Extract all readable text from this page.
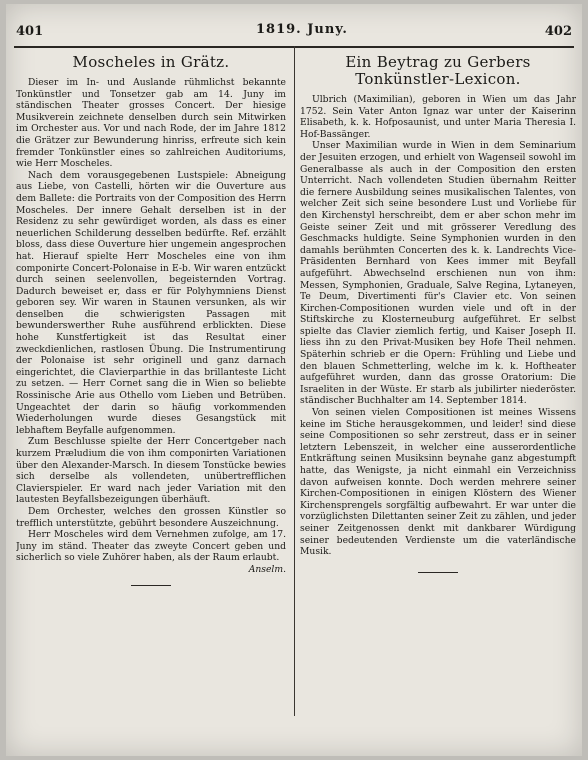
401	1819. Juny.	402
Moscheles in Grätz.

Dieser im In- und Auslande rühmlichst bekannte Tonkünstler und Tonsetzer gab am 14. Juny im ständischen Theater grosses Concert. Der hiesige Musikverein zeichnete denselben durch sein Mitwirken im Orchester aus. Vor und nach Rode, der im Jahre 1812 die Grätzer zur Bewunderung hinriss, erfreute sich kein fremder Tonkünstler eines so zahlreichen Auditoriums, wie Herr Moscheles.

Nach dem vorausgegebenen Lustspiele: Abneigung aus Liebe, von Castelli, hörten wir die Ouverture aus dem Ballete: die Portraits von der Composition des Herrn Moscheles. Der innere Gehalt derselben ist in der Residenz zu sehr gewürdiget worden, als dass es einer neuerlichen Schilderung desselben bedürfte. Ref. erzählt bloss, dass diese Ouverture hier ungemein angesprochen hat. Hierauf spielte Herr Moscheles eine von ihm componirte Concert-Polonaise in E-b. Wir waren entzückt durch seinen seelenvollen, begeisternden Vortrag. Dadurch beweiset er, dass er für Polyhymniens Dienst geboren sey. Wir waren in Staunen versunken, als wir denselben die schwierigsten Passagen mit bewunderswerther Ruhe ausführend erblickten. Diese hohe Kunstfertigkeit ist das Resultat einer zweckdienlichen, rastlosen Übung. Die Instrumentirung der Polonaise ist sehr originell und ganz darnach eingerichtet, die Clavierparthie in das brillanteste Licht zu setzen. — Herr Cornet sang die in Wien so beliebte Rossinische Arie aus Othello vom Lieben und Betrüben. Ungeachtet der darin so häufig vorkommenden Wiederholungen wurde dieses Gesangstück mit lebhaftem Beyfalle aufgenommen.

Zum Beschlusse spielte der Herr Concertgeber nach kurzem Præludium die von ihm componirten Variationen über den Alexander-Marsch. In diesem Tonstücke bewies sich derselbe als vollendeten, unübertrefflichen Clavierspieler. Er ward nach jeder Variation mit den lautesten Beyfallsbezeigungen überhäuft.

Dem Orchester, welches den grossen Künstler so trefflich unterstützte, gebührt besondere Auszeichnung.

Herr Moscheles wird dem Vernehmen zufolge, am 17. Juny im ständ. Theater das zweyte Concert geben und sicherlich so viele Zuhörer haben, als der Raum erlaubt.

Anselm.
Ein Beytrag zu Gerbers Tonkünstler-Lexicon.

Ulbrich (Maximilian), geboren in Wien um das Jahr 1752. Sein Vater Anton Ignaz war unter der Kaiserinn Elisabeth, k. k. Hofposaunist, und unter Maria Theresia I. Hof-Bassänger.

Unser Maximilian wurde in Wien in dem Seminarium der Jesuiten erzogen, und erhielt von Wagenseil sowohl im Generalbasse als auch in der Composition den ersten Unterricht. Nach vollendeten Studien übernahm Reitter die fernere Ausbildung seines musikalischen Talentes, von welcher Zeit sich seine besondere Lust und Vorliebe für den Kirchenstyl herschreibt, dem er aber schon mehr im Geiste seiner Zeit und mit grösserer Veredlung des Geschmacks huldigte. Seine Symphonien wurden in den damahls berühmten Concerten des k. k. Landrechts Vice-Präsidenten Bernhard von Kees immer mit Beyfall aufgeführt. Abwechselnd erschienen nun von ihm: Messen, Symphonien, Graduale, Salve Regina, Lytaneyen, Te Deum, Divertimenti für's Clavier etc. Von seinen Kirchen-Compositionen wurden viele und oft in der Stiftskirche zu Klosterneuburg aufgeführet. Er selbst spielte das Clavier ziemlich fertig, und Kaiser Joseph II. liess ihn zu den Privat-Musiken bey Hofe Theil nehmen. Späterhin schrieb er die Opern: Frühling und Liebe und den blauen Schmetterling, welche im k. k. Hoftheater aufgeführet wurden, dann das grosse Oratorium: Die Israeliten in der Wüste. Er starb als jubilirter niederöster. ständischer Buchhalter am 14. September 1814.

Von seinen vielen Compositionen ist meines Wissens keine im Stiche herausgekommen, und leider! sind diese seine Compositionen so sehr zerstreut, dass er in seiner letztern Lebenszeit, in welcher eine ausserordentliche Entkräftung seinen Musiksinn beynahe ganz abgestumpft hatte, das Wenigste, ja nicht einmahl ein Verzeichniss davon aufweisen konnte. Doch werden mehrere seiner Kirchen-Compositionen in einigen Klöstern des Wiener Kirchensprengels sorgfältig aufbewahrt. Er war unter die vorzüglichsten Dilettanten seiner Zeit zu zählen, und jeder seiner Zeitgenossen denkt mit dankbarer Würdigung seiner bedeutenden Verdienste um die vaterländische Musik.
